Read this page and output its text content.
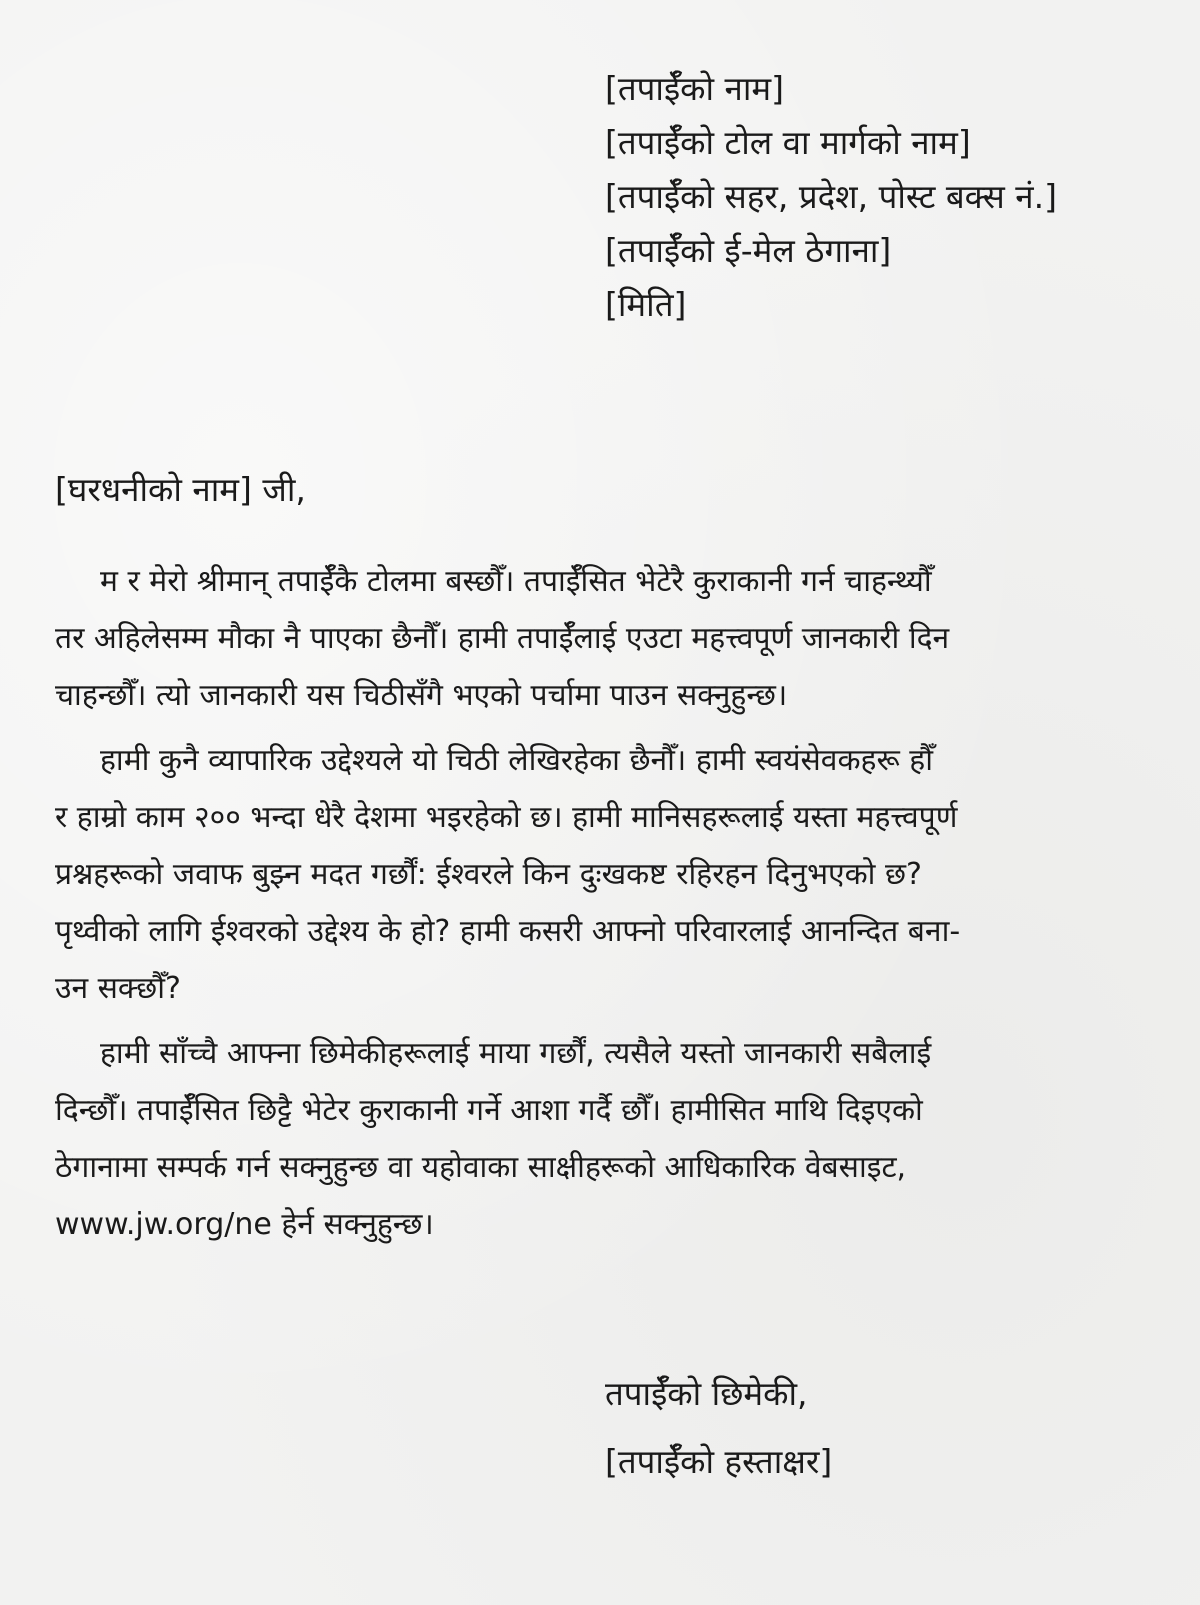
[तपाईँको नाम]
[तपाईँको टोल वा मार्गको नाम]
[तपाईँको सहर, प्रदेश, पोस्ट बक्स नं.]
[तपाईँको ई-मेल ठेगाना]
[मिति]
[घरधनीको नाम] जी,
म र मेरो श्रीमान् तपाईँकै टोलमा बस्छौँ। तपाईँसित भेटेरै कुराकानी गर्न चाहन्थ्यौँ
तर अहिलेसम्म मौका नै पाएका छैनौँ। हामी तपाईँलाई एउटा महत्त्वपूर्ण जानकारी दिन
चाहन्छौँ। त्यो जानकारी यस चिठीसँगै भएको पर्चामा पाउन सक्नुहुन्छ।
हामी कुनै व्यापारिक उद्देश्यले यो चिठी लेखिरहेका छैनौँ। हामी स्वयंसेवकहरू हौँ
र हाम्रो काम २०० भन्दा धेरै देशमा भइरहेको छ। हामी मानिसहरूलाई यस्ता महत्त्वपूर्ण
प्रश्नहरूको जवाफ बुझ्न मदत गर्छौं: ईश्वरले किन दुःखकष्ट रहिरहन दिनुभएको छ?
पृथ्वीको लागि ईश्वरको उद्देश्य के हो? हामी कसरी आफ्नो परिवारलाई आनन्दित बना-
उन सक्छौँ?
हामी साँच्चै आफ्ना छिमेकीहरूलाई माया गर्छौं, त्यसैले यस्तो जानकारी सबैलाई
दिन्छौँ। तपाईँसित छिट्टै भेटेर कुराकानी गर्ने आशा गर्दै छौँ। हामीसित माथि दिइएको
ठेगानामा सम्पर्क गर्न सक्नुहुन्छ वा यहोवाका साक्षीहरूको आधिकारिक वेबसाइट,
www.jw.org/ne हेर्न सक्नुहुन्छ।
तपाईँको छिमेकी,
[तपाईँको हस्ताक्षर]
